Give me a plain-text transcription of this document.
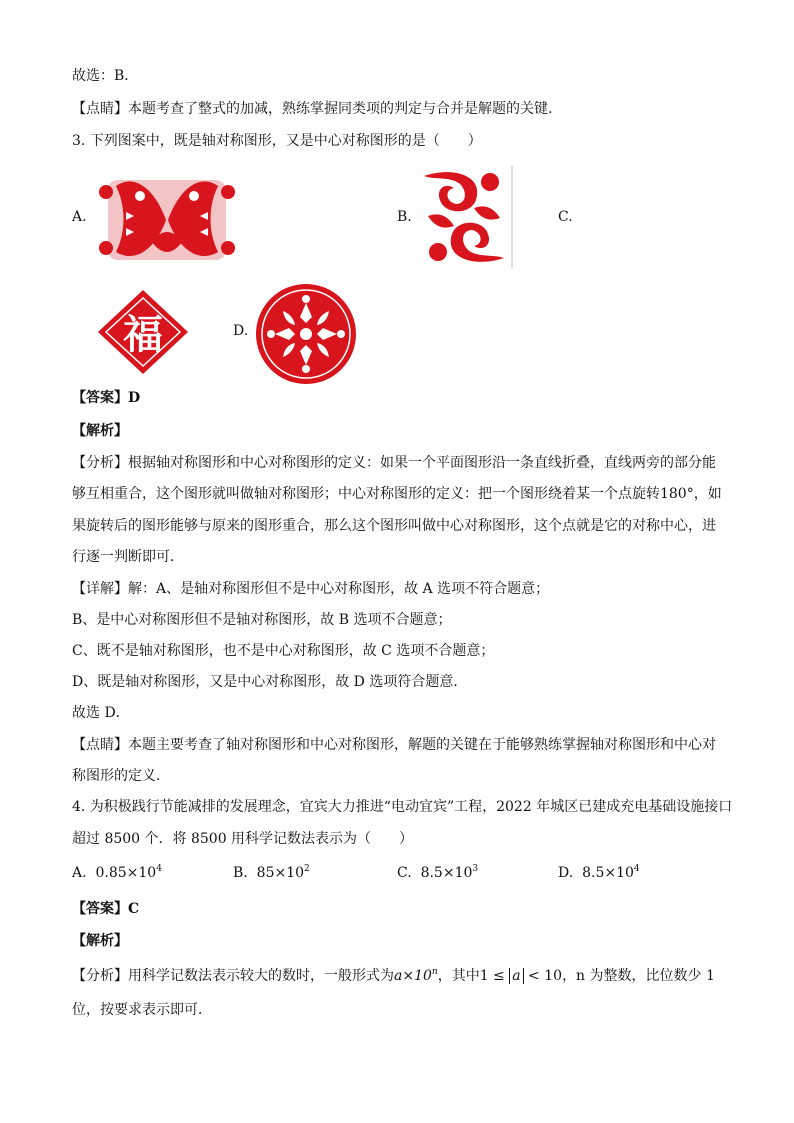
故选：B．
【点睛】本题考查了整式的加减，熟练掌握同类项的判定与合并是解题的关键．
3. 下列图案中，既是轴对称图形，又是中心对称图形的是（　　）
A.	B.	C.
福	D.
【答案】D
【解析】
【分析】根据轴对称图形和中心对称图形的定义：如果一个平面图形沿一条直线折叠，直线两旁的部分能
够互相重合，这个图形就叫做轴对称图形；中心对称图形的定义：把一个图形绕着某一个点旋转180°，如
果旋转后的图形能够与原来的图形重合，那么这个图形叫做中心对称图形，这个点就是它的对称中心，进
行逐一判断即可．
【详解】解：A、是轴对称图形但不是中心对称图形，故 A 选项不符合题意；
B、是中心对称图形但不是轴对称图形，故 B 选项不合题意；
C、既不是轴对称图形，也不是中心对称图形，故 C 选项不合题意；
D、既是轴对称图形，又是中心对称图形，故 D 选项符合题意．
故选 D．
【点睛】本题主要考查了轴对称图形和中心对称图形，解题的关键在于能够熟练掌握轴对称图形和中心对
称图形的定义.
4. 为积极践行节能减排的发展理念，宜宾大力推进“电动宜宾”工程，2022 年城区已建成充电基础设施接口
超过 8500 个．将 8500 用科学记数法表示为（　　）
A. $0.85\times 10^4$	B. $85\times 10^2$	C. $8.5\times 10^3$	D. $8.5\times 10^4$
【答案】C
【解析】
【分析】用科学记数法表示较大的数时，一般形式为$a\times 10^n$，其中1 ≤ a < 10，n 为整数，比位数少 1
位，按要求表示即可．
